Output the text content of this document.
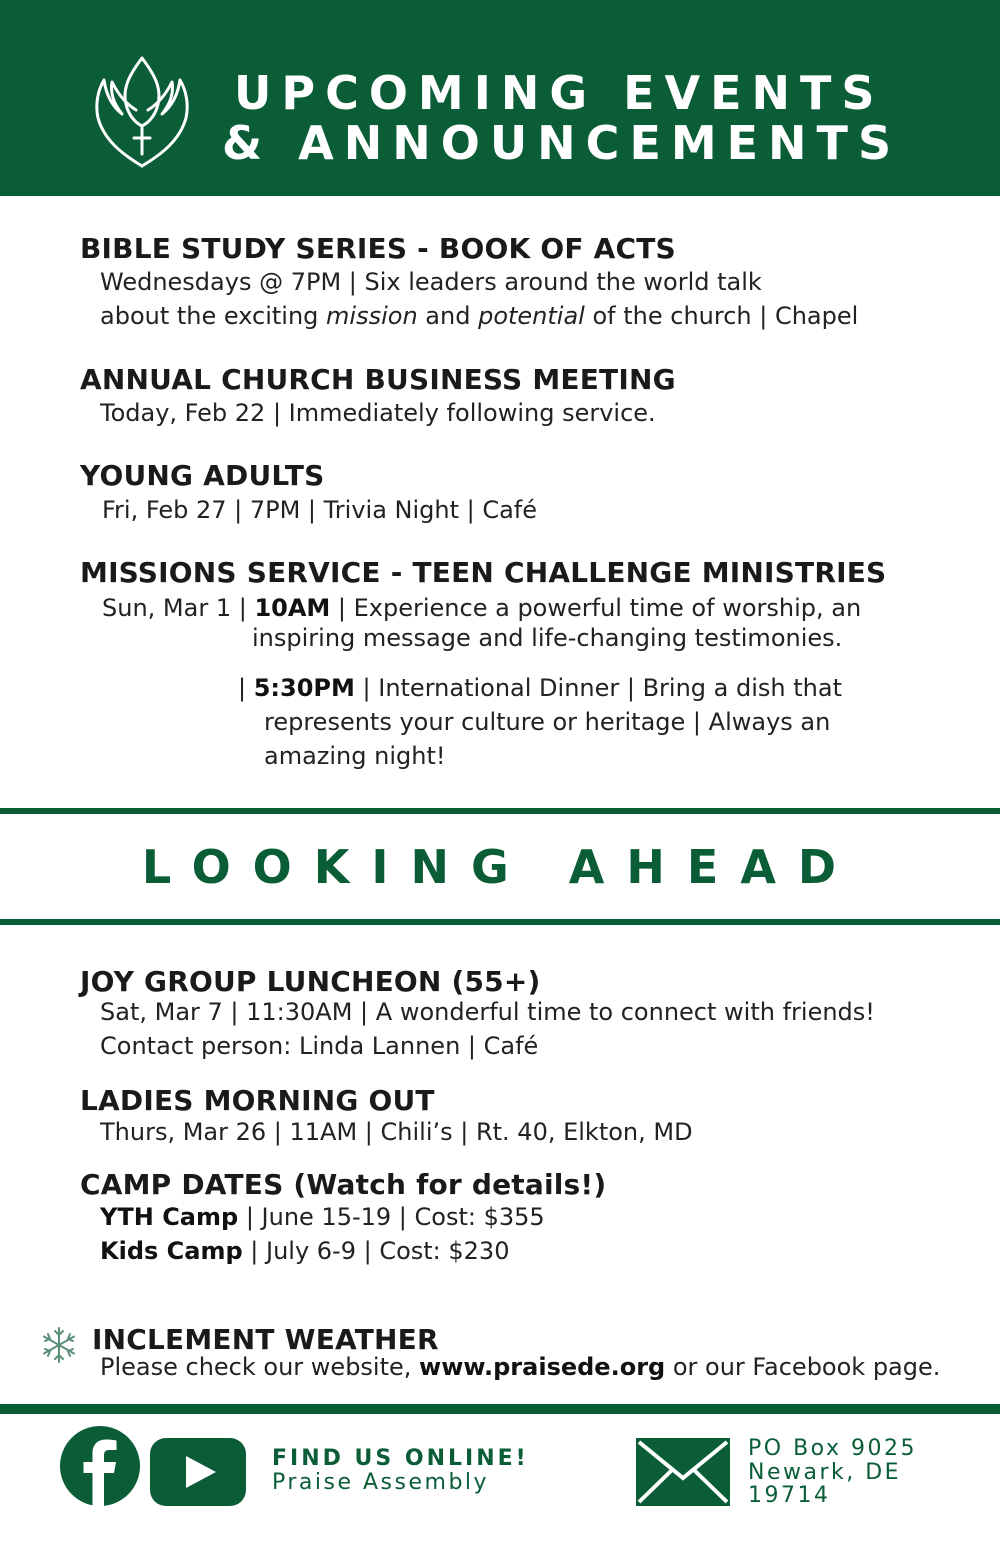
UPCOMING EVENTS
& ANNOUNCEMENTS
BIBLE STUDY SERIES - BOOK OF ACTS
Wednesdays @ 7PM | Six leaders around the world talk
about the exciting mission and potential of the church | Chapel
ANNUAL CHURCH BUSINESS MEETING
Today, Feb 22 | Immediately following service.
YOUNG ADULTS
Fri, Feb 27 | 7PM | Trivia Night | Café
MISSIONS SERVICE - TEEN CHALLENGE MINISTRIES
Sun, Mar 1 | 10AM | Experience a powerful time of worship, an
inspiring message and life-changing testimonies.
| 5:30PM | International Dinner | Bring a dish that
represents your culture or heritage | Always an
amazing night!
LOOKING AHEAD
JOY GROUP LUNCHEON (55+)
Sat, Mar 7 | 11:30AM | A wonderful time to connect with friends!
Contact person: Linda Lannen | Café
LADIES MORNING OUT
Thurs, Mar 26 | 11AM | Chili’s | Rt. 40, Elkton, MD
CAMP DATES (Watch for details!)
YTH Camp | June 15-19 | Cost: $355
Kids Camp | July 6-9 | Cost: $230
INCLEMENT WEATHER
Please check our website, www.praisede.org or our Facebook page.
FIND US ONLINE!
Praise Assembly
PO Box 9025
Newark, DE
19714
